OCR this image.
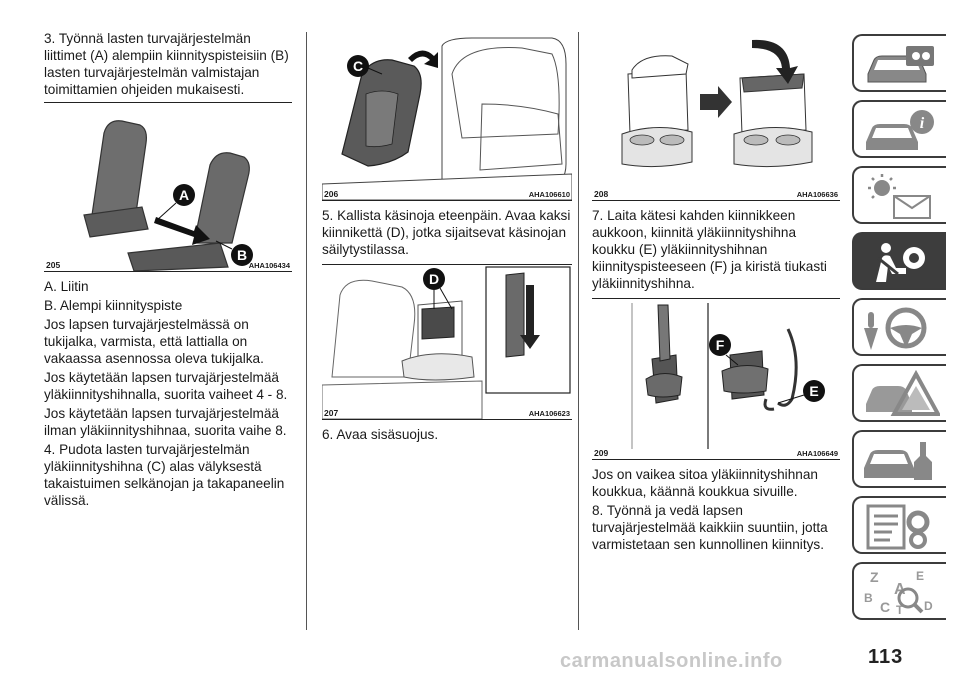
3. Työnnä lasten turvajärjestelmän liittimet (A) alempiin kiinnityspisteisiin (B) lasten turvajärjestelmän valmistajan toimittamien ohjeiden mukaisesti.

A
B
205	AHA106434

A. Liitin

B. Alempi kiinnityspiste

Jos lapsen turvajärjestelmässä on tukijalka, varmista, että lattialla on vakaassa asennossa oleva tukijalka.

Jos käytetään lapsen turvajärjestelmää yläkiinnityshihnalla, suorita vaiheet 4 - 8.

Jos käytetään lapsen turvajärjestelmää ilman yläkiinnityshihnaa, suorita vaihe 8.

4. Pudota lasten turvajärjestelmän yläkiinnityshihna (C) alas välyksestä takaistuimen selkänojan ja takapaneelin välissä.

C
206	AHA106610

5. Kallista käsinoja eteenpäin. Avaa kaksi kiinnikettä (D), jotka sijaitsevat käsinojan säilytystilassa.

D
207	AHA106623

6. Avaa sisäsuojus.

208	AHA106636

7. Laita kätesi kahden kiinnikkeen aukkoon, kiinnitä yläkiinnityshihna koukku (E) yläkiinnityshihnan kiinnityspisteeseen (F) ja kiristä tiukasti yläkiinnityshihna.

F
E
209	AHA106649

Jos on vaikea sitoa yläkiinnityshihnan koukkua, käännä koukkua sivuille.

8. Työnnä ja vedä lapsen turvajärjestelmää kaikkiin suuntiin, jotta varmistetaan sen kunnollinen kiinnitys.

i
Z	E
A
B
C T D
carmanualsonline.info	113
